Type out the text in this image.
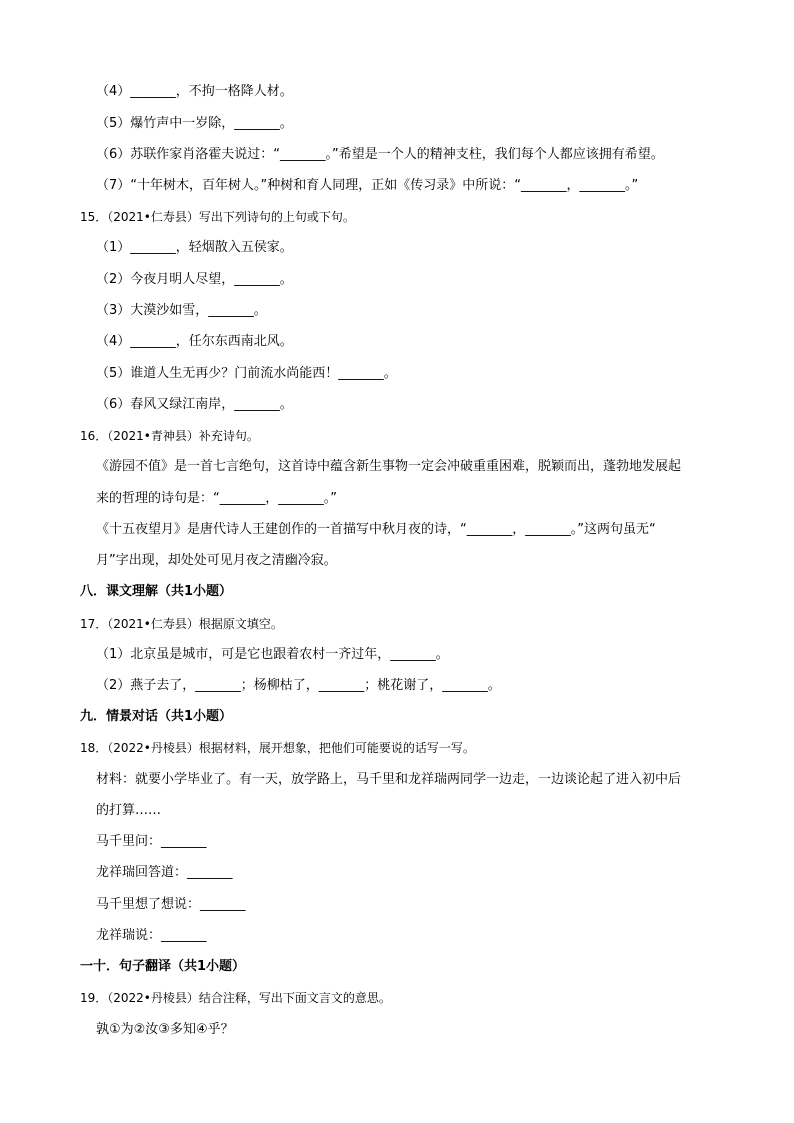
（4）_______，不拘一格降人材。
（5）爆竹声中一岁除，_______。
（6）苏联作家肖洛霍夫说过：“_______。”希望是一个人的精神支柱，我们每个人都应该拥有希望。
（7）“十年树木，百年树人。”种树和育人同理，正如《传习录》中所说：“_______，_______。”
15．（2021•仁寿县）写出下列诗句的上句或下句。
（1）_______，轻烟散入五侯家。
（2）今夜月明人尽望，_______。
（3）大漠沙如雪，_______。
（4）_______，任尔东西南北风。
（5）谁道人生无再少？门前流水尚能西！_______。
（6）春风又绿江南岸，_______。
16．（2021•青神县）补充诗句。
《游园不值》是一首七言绝句，这首诗中蕴含新生事物一定会冲破重重困难，脱颖而出，蓬勃地发展起
来的哲理的诗句是：“_______，_______。”
《十五夜望月》是唐代诗人王建创作的一首描写中秋月夜的诗，“_______，_______。”这两句虽无“
月”字出现，却处处可见月夜之清幽冷寂。
八．课文理解（共1小题）
17．（2021•仁寿县）根据原文填空。
（1）北京虽是城市，可是它也跟着农村一齐过年，_______。
（2）燕子去了，_______；杨柳枯了，_______；桃花谢了，_______。
九．情景对话（共1小题）
18．（2022•丹棱县）根据材料，展开想象，把他们可能要说的话写一写。
材料：就要小学毕业了。有一天，放学路上，马千里和龙祥瑞两同学一边走，一边谈论起了进入初中后
的打算……
马千里问：_______
龙祥瑞回答道：_______
马千里想了想说：_______
龙祥瑞说：_______
一十．句子翻译（共1小题）
19．（2022•丹棱县）结合注释，写出下面文言文的意思。
孰①为②汝③多知④乎？
